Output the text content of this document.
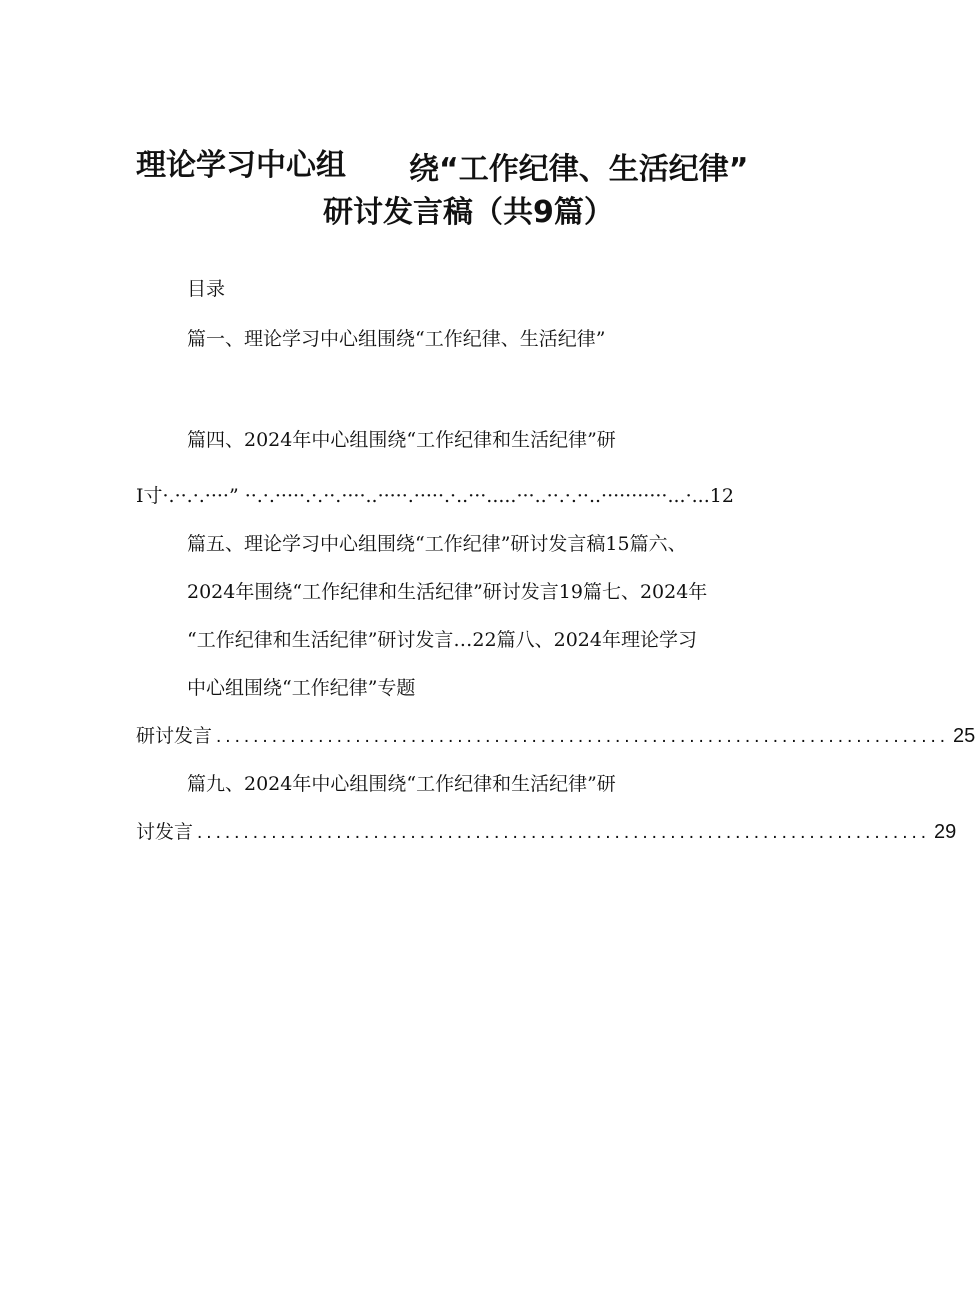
理论学习中心组 绕“工作纪律、生活纪律”
研讨发言稿（共9篇）
目录
篇一、理论学习中心组围绕“工作纪律、生活纪律”
篇四、2024年中心组围绕“工作纪律和生活纪律”研
I寸·.··.·.····” ··.·.·····.·.··.····..·····.·····.·..···.....···..··.·.··..···········...·...12
篇五、理论学习中心组围绕“工作纪律”研讨发言稿15篇六、
2024年围绕“工作纪律和生活纪律”研讨发言19篇七、2024年
“工作纪律和生活纪律”研讨发言…22篇八、2024年理论学习
中心组围绕“工作纪律”专题
研讨发言 ............................................................................... 25
篇九、2024年中心组围绕“工作纪律和生活纪律”研
讨发言 ............................................................................... 29
